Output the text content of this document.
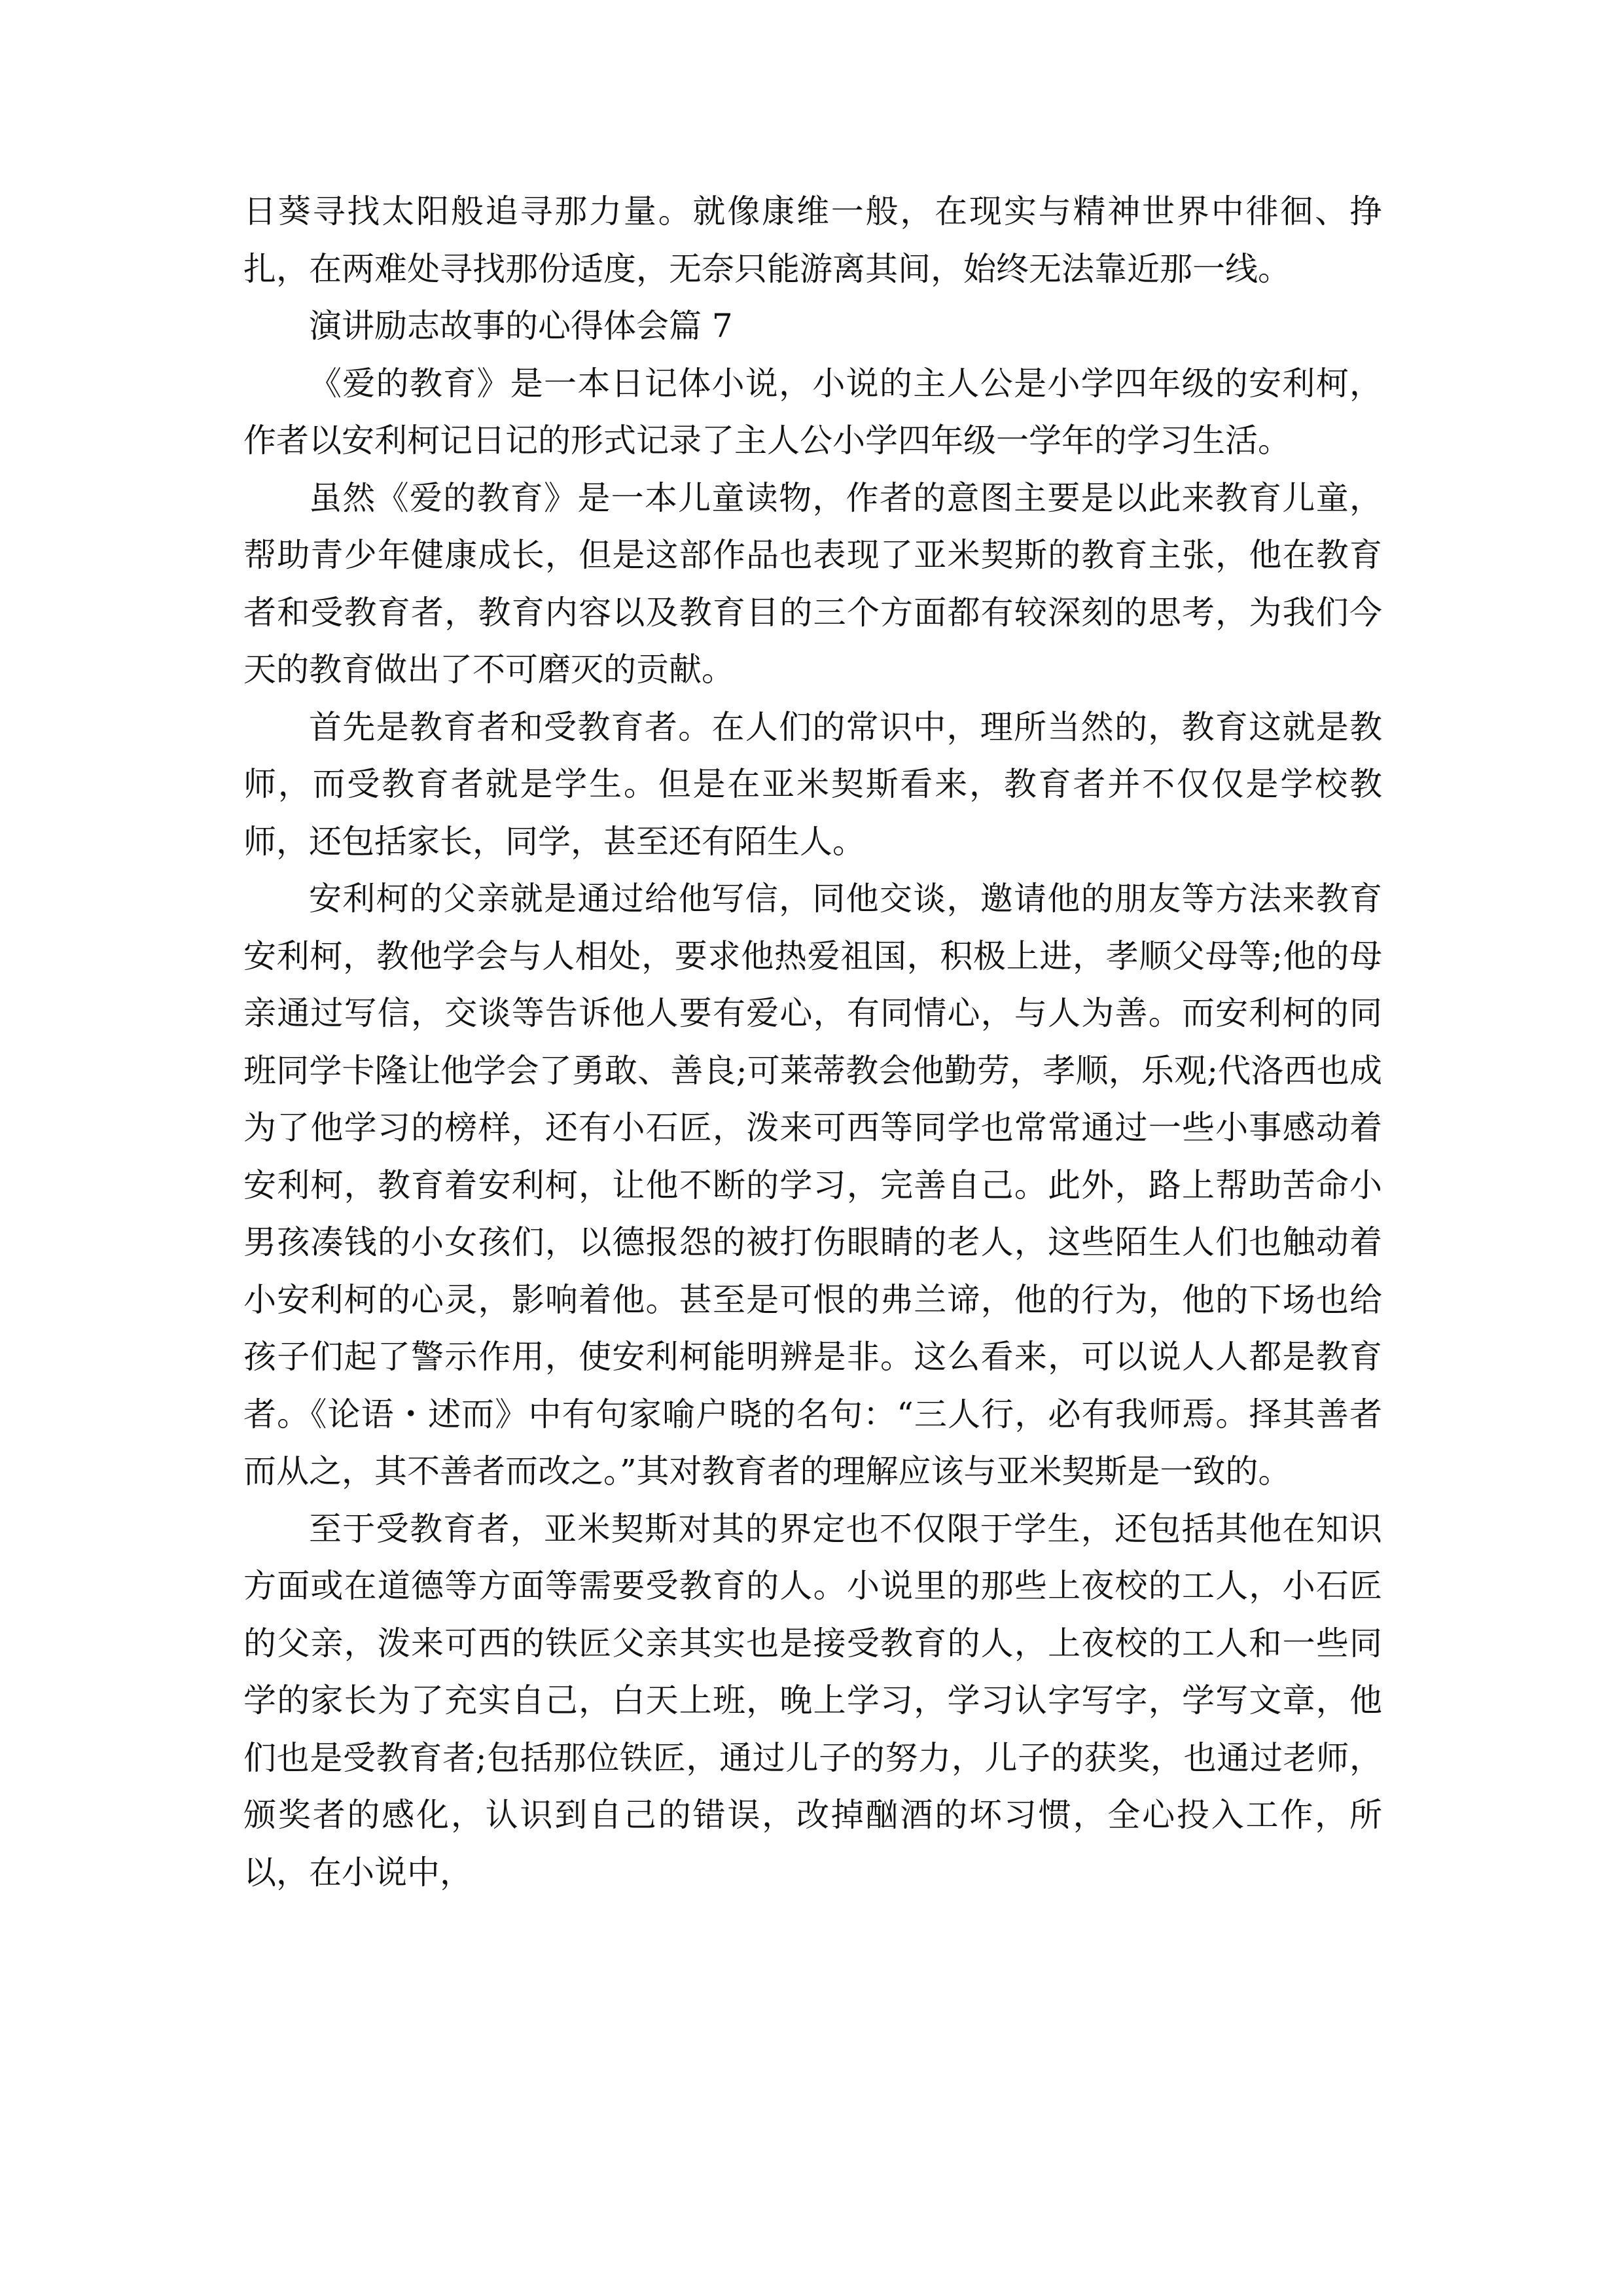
日葵寻找太阳般追寻那力量。就像康维一般，在现实与精神世界中徘徊、挣扎，在两难处寻找那份适度，无奈只能游离其间，始终无法靠近那一线。

演讲励志故事的心得体会篇 7

《爱的教育》是一本日记体小说，小说的主人公是小学四年级的安利柯，作者以安利柯记日记的形式记录了主人公小学四年级一学年的学习生活。

虽然《爱的教育》是一本儿童读物，作者的意图主要是以此来教育儿童，帮助青少年健康成长，但是这部作品也表现了亚米契斯的教育主张，他在教育者和受教育者，教育内容以及教育目的三个方面都有较深刻的思考，为我们今天的教育做出了不可磨灭的贡献。

首先是教育者和受教育者。在人们的常识中，理所当然的，教育这就是教师，而受教育者就是学生。但是在亚米契斯看来，教育者并不仅仅是学校教师，还包括家长，同学，甚至还有陌生人。

安利柯的父亲就是通过给他写信，同他交谈，邀请他的朋友等方法来教育安利柯，教他学会与人相处，要求他热爱祖国，积极上进，孝顺父母等;他的母亲通过写信，交谈等告诉他人要有爱心，有同情心，与人为善。而安利柯的同班同学卡隆让他学会了勇敢、善良;可莱蒂教会他勤劳，孝顺，乐观;代洛西也成为了他学习的榜样，还有小石匠，泼来可西等同学也常常通过一些小事感动着安利柯，教育着安利柯，让他不断的学习，完善自己。此外，路上帮助苦命小男孩凑钱的小女孩们，以德报怨的被打伤眼睛的老人，这些陌生人们也触动着小安利柯的心灵，影响着他。甚至是可恨的弗兰谛，他的行为，他的下场也给孩子们起了警示作用，使安利柯能明辨是非。这么看来，可以说人人都是教育者。《论语・述而》中有句家喻户晓的名句：“三人行，必有我师焉。择其善者而从之，其不善者而改之。”其对教育者的理解应该与亚米契斯是一致的。

至于受教育者，亚米契斯对其的界定也不仅限于学生，还包括其他在知识方面或在道德等方面等需要受教育的人。小说里的那些上夜校的工人，小石匠的父亲，泼来可西的铁匠父亲其实也是接受教育的人，上夜校的工人和一些同学的家长为了充实自己，白天上班，晚上学习，学习认字写字，学写文章，他们也是受教育者;包括那位铁匠，通过儿子的努力，儿子的获奖，也通过老师，颁奖者的感化，认识到自己的错误，改掉酗酒的坏习惯，全心投入工作，所以，在小说中，
